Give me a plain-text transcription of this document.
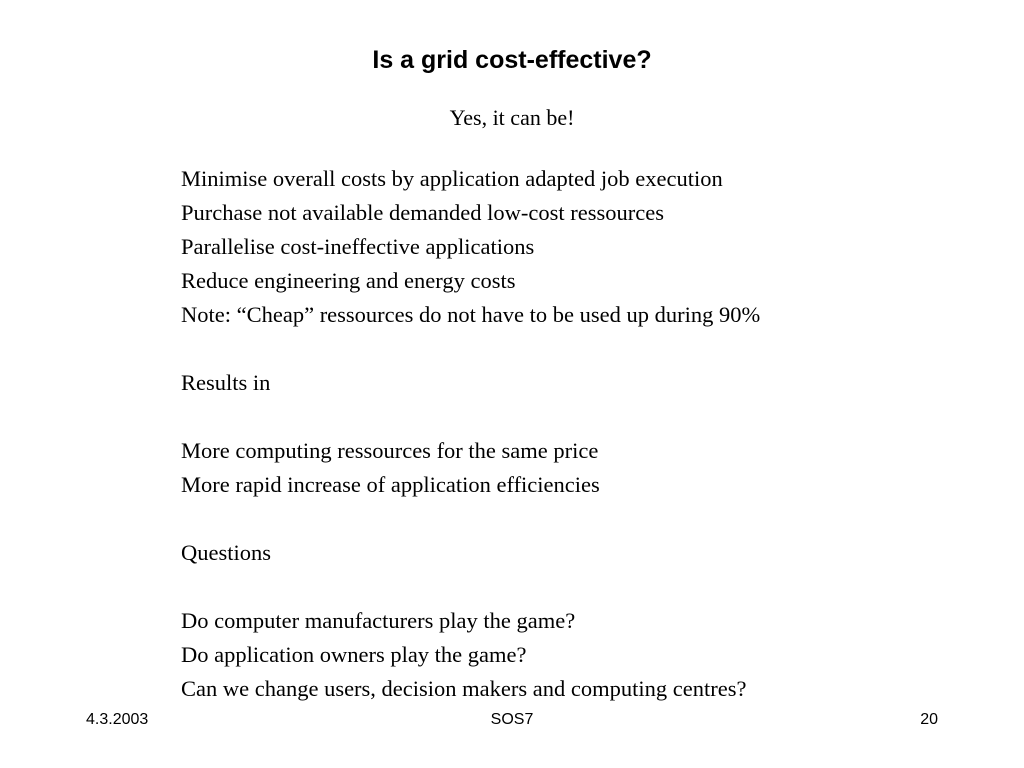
Is a grid cost-effective?
Yes, it can be!
Minimise overall costs by application adapted job execution
Purchase not available demanded low-cost ressources
Parallelise cost-ineffective applications
Reduce engineering and energy costs
Note: “Cheap” ressources do not have to be used up during 90%
Results in
More computing ressources for the same price
More rapid increase of application efficiencies
Questions
Do computer manufacturers play the game?
Do application owners play the game?
Can we change users, decision makers and computing centres?
4.3.2003	SOS7	20
